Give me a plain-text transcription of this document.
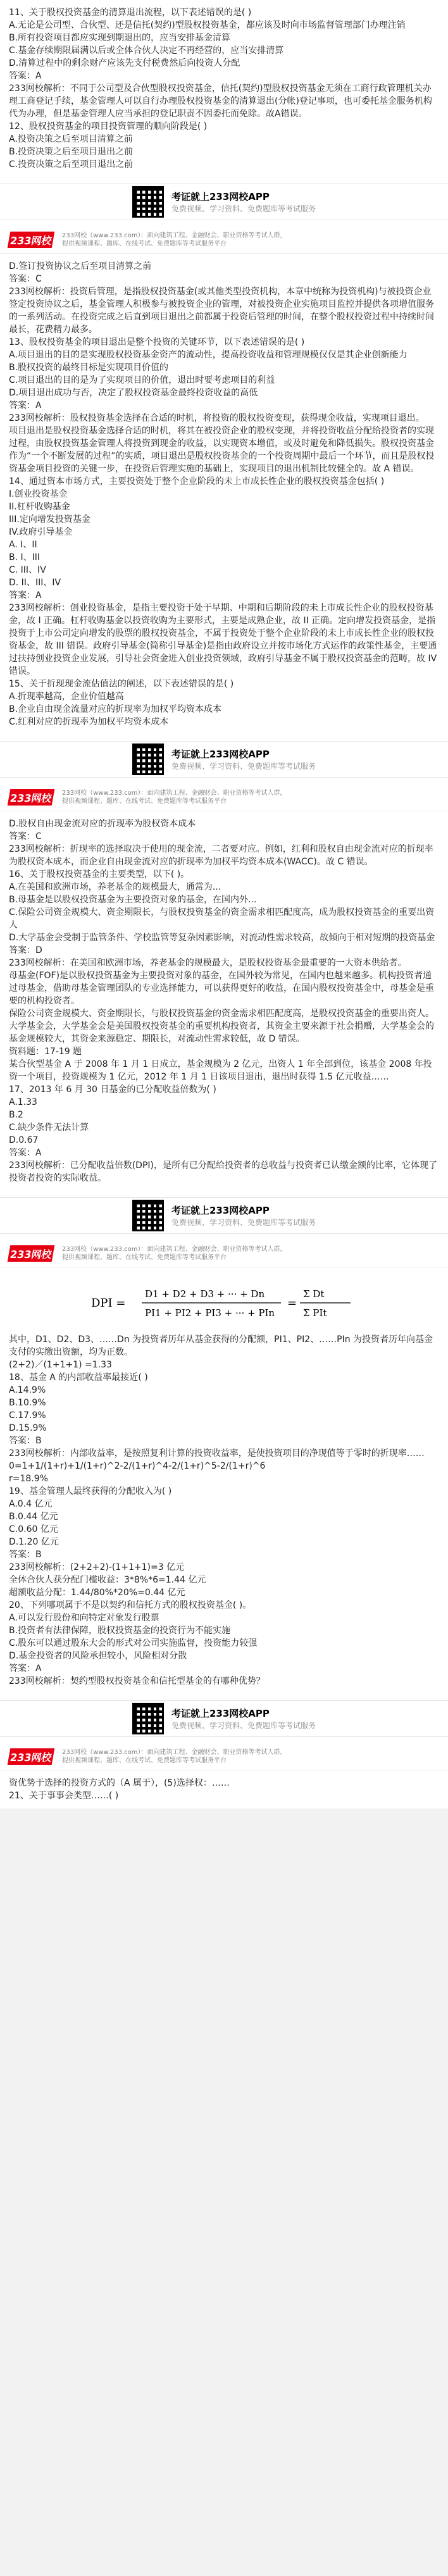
11、关于股权投资基金的清算退出流程，以下表述错误的是( )
A.无论是公司型、合伙型、还是信托(契约)型股权投资基金，都应该及时向市场监督管理部门办理注销
B.所有投资项目都应实现到期退出的，应当安排基金清算
C.基金存续期限届满以后或全体合伙人决定不再经营的，应当安排清算
D.清算过程中的剩余财产应该先支付税费然后向投资人分配
答案：A
233网校解析：不同于公司型及合伙型股权投资基金，信托(契约)型股权投资基金无须在工商行政管理机关办理工商登记手续，基金管理人可以自行办理股权投资基金的清算退出(分帐)登记事项，也可委托基金服务机构代为办理，但是基金管理人应当承担的登记职责不因委托而免除。故A错误。
12、股权投资基金的项目投资管理的顺向阶段是( )
A.投资决策之后至项目清算之前
B.投资决策之后至项目退出之前
C.投资决策之后至项目退出之前
考证就上233网校APP
免费视频、学习资料、免费题库等考试服务
233网校	233网校（www.233.com）：面向建筑工程、金融财会、职业资格等考试人群，
提供视频课程、题库、在线考试、免费题库等考试服务平台
D.签订投资协议之后至项目清算之前
答案：C
233网校解析：投资后管理，是指股权投资基金(或其他类型投资机构，本章中统称为投资机构)与被投资企业签定投资协议之后，基金管理人积极参与被投资企业的管理，对被投资企业实施项目监控并提供各项增值服务的一系列活动。在投资完成之后直到项目退出之前都属于投资后管理的时间，在整个股权投资过程中持续时间最长，花费精力最多。
13、股权投资基金的项目退出是整个投资的关键环节，以下表述错误的是( )
A.项目退出的目的是实现股权投资基金资产的流动性，提高投资收益和管理规模仅仅是其企业创新能力
B.股权投资的最终目标是实现项目价值的
C.项目退出的目的是为了实现项目的价值，退出时要考虑项目的利益
D.项目退出成功与否，决定了股权投资基金最终投资收益的高低
答案：A
233网校解析：股权投资基金选择在合适的时机，将投资的股权投资变现，获得现金收益，实现项目退出。
项目退出是股权投资基金选择合适的时机，将其在被投资企业的股权变现，并将投资收益分配给投资者的实现过程，由股权投资基金管理人将投资到现金的收益，以实现资本增值，或及时避免和降低损失。股权投资基金作为“一个不断发展的过程”的实质，项目退出是股权投资基金的一个投资周期中最后一个环节，而且是股权投资基金项目投资的关键一步，在投资后管理实施的基础上，实现项目的退出机制比较健全的。故 A 错误。
14、通过资本市场方式，主要投资处于整个企业阶段的未上市成长性企业的股权投资基金包括( )
I.创业投资基金
II.杠杆收购基金
III.定向增发投资基金
IV.政府引导基金
A. I、II
B. I、III
C. III、IV
D. II、III、IV
答案：A
233网校解析：创业投资基金，是指主要投资于处于早期、中期和后期阶段的未上市成长性企业的股权投资基金，故 I 正确。杠杆收购基金以投资收购为主要形式，主要是成熟企业，故 II 正确。定向增发投资基金，是指投资于上市公司定向增发的股票的股权投资基金，不属于投资处于整个企业阶段的未上市成长性企业的股权投资基金，故 III 错误。政府引导基金(简称引导基金)是指由政府设立并按市场化方式运作的政策性基金，主要通过扶持创业投资企业发展，引导社会资金进入创业投资领域，政府引导基金不属于股权投资基金的范畴，故 IV 错误。
15、关于折现现金流估值法的阐述，以下表述错误的是( )
A.折现率越高，企业价值越高
B.企业自由现金流量对应的折现率为加权平均资本成本
C.红利对应的折现率为加权平均资本成本
考证就上233网校APP
免费视频、学习资料、免费题库等考试服务
233网校	233网校（www.233.com）：面向建筑工程、金融财会、职业资格等考试人群，
提供视频课程、题库、在线考试、免费题库等考试服务平台
D.股权自由现金流对应的折现率为股权资本成本
答案：C
233网校解析：折现率的选择取决于使用的现金流，二者要对应。例如，红利和股权自由现金流对应的折现率为股权资本成本，而企业自由现金流对应的折现率为加权平均资本成本(WACC)。故 C 错误。
16、关于股权投资基金的主要类型，以下( )。
A.在美国和欧洲市场，养老基金的规模最大，通常为...
B.母基金是以股权投资基金为主要投资对象的基金，在国内外...
C.保险公司资金规模大、资金期限长，与股权投资基金的资金需求相匹配度高，成为股权投资基金的重要出资人
D.大学基金会受制于监管条件、学校监管等复杂因素影响，对流动性需求较高，故倾向于相对短期的投资基金
答案：D
233网校解析：在美国和欧洲市场，养老基金的规模最大，是股权投资基金最重要的一大资本供给者。
母基金(FOF)是以股权投资基金为主要投资对象的基金，在国外较为常见，在国内也越来越多。机构投资者通过母基金，借助母基金管理团队的专业选择能力，可以获得更好的收益，在国内股权投资基金中，母基金是重要的机构投资者。
保险公司资金规模大、资金期限长，与股权投资基金的资金需求相匹配度高，是股权投资基金的重要出资人。
大学基金会，大学基金会是美国股权投资基金的重要机构投资者，其资金主要来源于社会捐赠，大学基金会的基金规模较大，其资金来源稳定、期限长，对流动性需求较低，故 D 错误。
资料题：17-19 题
某合伙型基金 A 于 2008 年 1 月 1 日成立，基金规模为 2 亿元，出资人 1 年全部到位，该基金 2008 年投资一个项目，投资规模为 1 亿元，2012 年 1 月 1 日该项目退出，退出时获得 1.5 亿元收益……
17、2013 年 6 月 30 日基金的已分配收益倍数为( )
A.1.33
B.2
C.缺少条件无法计算
D.0.67
答案：A
233网校解析：已分配收益倍数(DPI)，是所有已分配给投资者的总收益与投资者已认缴金额的比率，它体现了投资者投资的实际收益。
考证就上233网校APP
免费视频、学习资料、免费题库等考试服务
233网校	233网校（www.233.com）：面向建筑工程、金融财会、职业资格等考试人群，
提供视频课程、题库、在线考试、免费题库等考试服务平台
DPI =
D1 + D2 + D3 + ··· + Dn
PI1 + PI2 + PI3 + ··· + PIn
=
Σ Dt
Σ PIt
其中，D1、D2、D3、……Dn 为投资者历年从基金获得的分配额，PI1、PI2、……PIn 为投资者历年向基金支付的实缴出资额，均为正数。
(2+2)／(1+1+1) =1.33
18、基金 A 的内部收益率最接近( )
A.14.9%
B.10.9%
C.17.9%
D.15.9%
答案：B
233网校解析：内部收益率，是按照复利计算的投资收益率，是使投资项目的净现值等于零时的折现率……
0=1+1/(1+r)+1/(1+r)^2-2/(1+r)^4-2/(1+r)^5-2/(1+r)^6
r=18.9%
19、基金管理人最终获得的分配收入为( )
A.0.4 亿元
B.0.44 亿元
C.0.60 亿元
D.1.20 亿元
答案：B
233网校解析：(2+2+2)-(1+1+1)=3 亿元
全体合伙人获分配门槛收益：3*8%*6=1.44 亿元
超额收益分配：1.44/80%*20%=0.44 亿元
20、下列哪项属于不是以契约和信托方式的股权投资基金( )。
A.可以发行股份和向特定对象发行股票
B.投资者有法律保障，股权投资基金的投资行为不能实施
C.股东可以通过股东大会的形式对公司实施监督，投资能力较强
D.基金投资者的风险承担较小，风险相对分散
答案：A
233网校解析：契约型股权投资基金和信托型基金的有哪种优势？
考证就上233网校APP
免费视频、学习资料、免费题库等考试服务
233网校	233网校（www.233.com）：面向建筑工程、金融财会、职业资格等考试人群，
提供视频课程、题库、在线考试、免费题库等考试服务平台
资优势于选择的投资方式的（A 属于），(5)选择权：……
21、关于事事会类型……( )
